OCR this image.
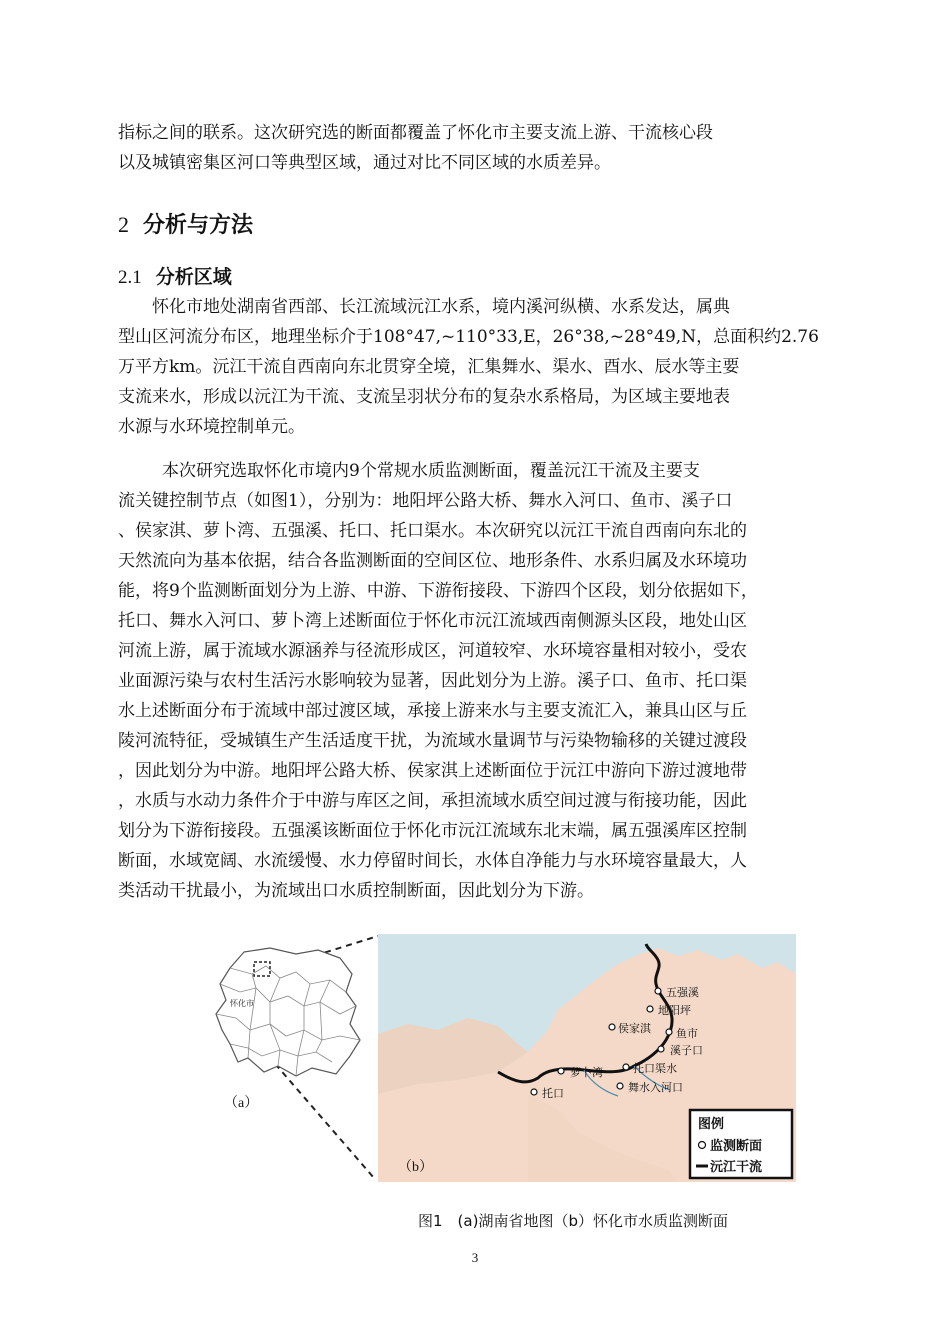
指标之间的联系。这次研究选的断面都覆盖了怀化市主要支流上游、干流核心段
以及城镇密集区河口等典型区域，通过对比不同区域的水质差异。
2 分析与方法
2.1 分析区域
怀化市地处湖南省西部、长江流域沅江水系，境内溪河纵横、水系发达，属典
型山区河流分布区，地理坐标介于108°47,~110°33,E，26°38,~28°49,N，总面积约2.76
万平方km。沅江干流自西南向东北贯穿全境，汇集舞水、渠水、酉水、辰水等主要
支流来水，形成以沅江为干流、支流呈羽状分布的复杂水系格局，为区域主要地表
水源与水环境控制单元。
本次研究选取怀化市境内9个常规水质监测断面，覆盖沅江干流及主要支
流关键控制节点（如图1），分别为：地阳坪公路大桥、舞水入河口、鱼市、溪子口
、侯家淇、萝卜湾、五强溪、托口、托口渠水。本次研究以沅江干流自西南向东北的
天然流向为基本依据，结合各监测断面的空间区位、地形条件、水系归属及水环境功
能，将9个监测断面划分为上游、中游、下游衔接段、下游四个区段，划分依据如下，
托口、舞水入河口、萝卜湾上述断面位于怀化市沅江流域西南侧源头区段，地处山区
河流上游，属于流域水源涵养与径流形成区，河道较窄、水环境容量相对较小，受农
业面源污染与农村生活污水影响较为显著，因此划分为上游。溪子口、鱼市、托口渠
水上述断面分布于流域中部过渡区域，承接上游来水与主要支流汇入，兼具山区与丘
陵河流特征，受城镇生产生活适度干扰，为流域水量调节与污染物输移的关键过渡段
，因此划分为中游。地阳坪公路大桥、侯家淇上述断面位于沅江中游向下游过渡地带
，水质与水动力条件介于中游与库区之间，承担流域水质空间过渡与衔接功能，因此
划分为下游衔接段。五强溪该断面位于怀化市沅江流域东北末端，属五强溪库区控制
断面，水域宽阔、水流缓慢、水力停留时间长，水体自净能力与水环境容量最大，人
类活动干扰最小，为流域出口水质控制断面，因此划分为下游。
怀化市
（a）
五强溪
地阳坪
侯家淇 鱼市
溪子口
萝卜湾	托口渠水
舞水入河口
托口
图例
监测断面
沅江干流
（b）
图1　(a)湖南省地图（b）怀化市水质监测断面
3
